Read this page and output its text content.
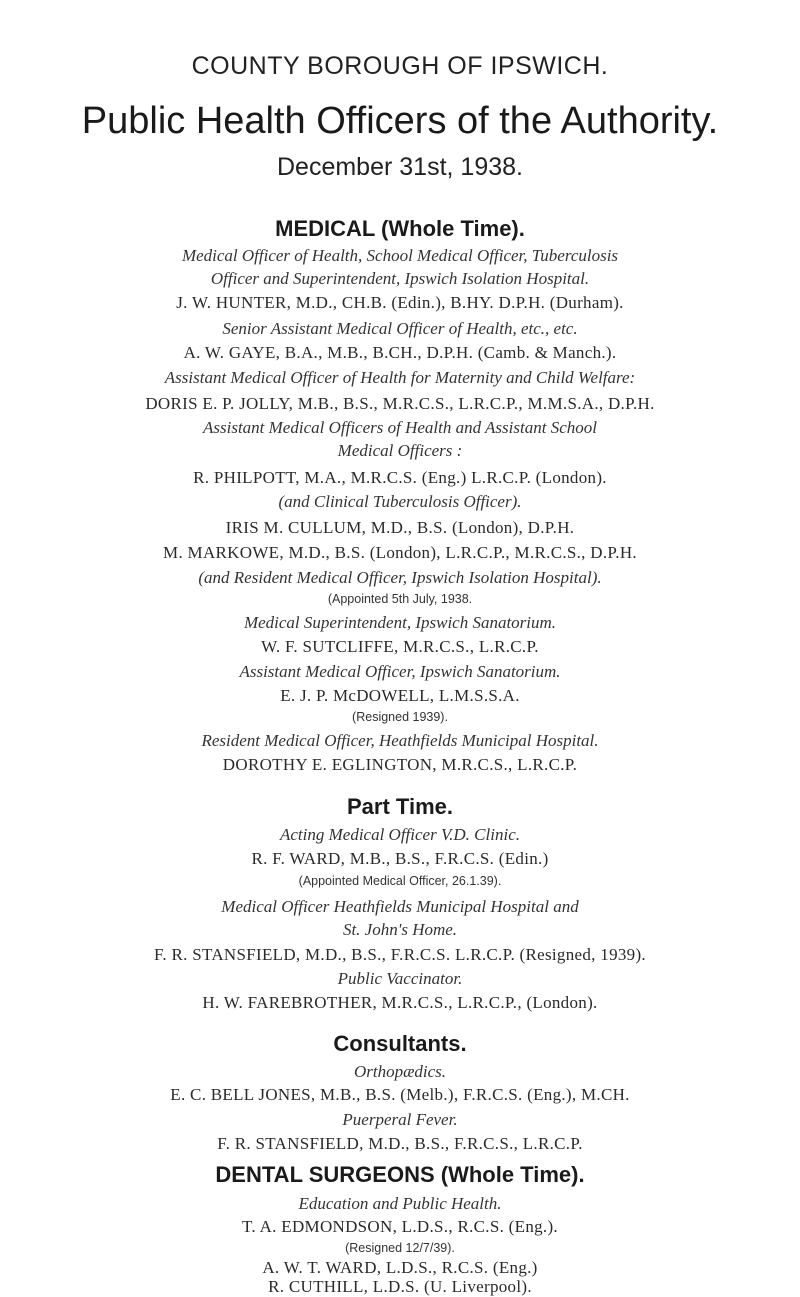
COUNTY BOROUGH OF IPSWICH.
Public Health Officers of the Authority.
December 31st, 1938.
MEDICAL (Whole Time).
Medical Officer of Health, School Medical Officer, Tuberculosis
Officer and Superintendent, Ipswich Isolation Hospital.
J. W. HUNTER, M.D., CH.B. (Edin.), B.HY. D.P.H. (Durham).
Senior Assistant Medical Officer of Health, etc., etc.
A. W. GAYE, B.A., M.B., B.CH., D.P.H. (Camb. & Manch.).
Assistant Medical Officer of Health for Maternity and Child Welfare:
DORIS E. P. JOLLY, M.B., B.S., M.R.C.S., L.R.C.P., M.M.S.A., D.P.H.
Assistant Medical Officers of Health and Assistant School
Medical Officers :
R. PHILPOTT, M.A., M.R.C.S. (Eng.) L.R.C.P. (London).
(and Clinical Tuberculosis Officer).
IRIS M. CULLUM, M.D., B.S. (London), D.P.H.
M. MARKOWE, M.D., B.S. (London), L.R.C.P., M.R.C.S., D.P.H.
(and Resident Medical Officer, Ipswich Isolation Hospital).
(Appointed 5th July, 1938.
Medical Superintendent, Ipswich Sanatorium.
W. F. SUTCLIFFE, M.R.C.S., L.R.C.P.
Assistant Medical Officer, Ipswich Sanatorium.
E. J. P. McDOWELL, L.M.S.S.A.
(Resigned 1939).
Resident Medical Officer, Heathfields Municipal Hospital.
DOROTHY E. EGLINGTON, M.R.C.S., L.R.C.P.
Part Time.
Acting Medical Officer V.D. Clinic.
R. F. WARD, M.B., B.S., F.R.C.S. (Edin.)
(Appointed Medical Officer, 26.1.39).
Medical Officer Heathfields Municipal Hospital and
St. John's Home.
F. R. STANSFIELD, M.D., B.S., F.R.C.S. L.R.C.P. (Resigned, 1939).
Public Vaccinator.
H. W. FAREBROTHER, M.R.C.S., L.R.C.P., (London).
Consultants.
Orthopædics.
E. C. BELL JONES, M.B., B.S. (Melb.), F.R.C.S. (Eng.), M.CH.
Puerperal Fever.
F. R. STANSFIELD, M.D., B.S., F.R.C.S., L.R.C.P.
DENTAL SURGEONS (Whole Time).
Education and Public Health.
T. A. EDMONDSON, L.D.S., R.C.S. (Eng.).
(Resigned 12/7/39).
A. W. T. WARD, L.D.S., R.C.S. (Eng.)
R. CUTHILL, L.D.S. (U. Liverpool).
